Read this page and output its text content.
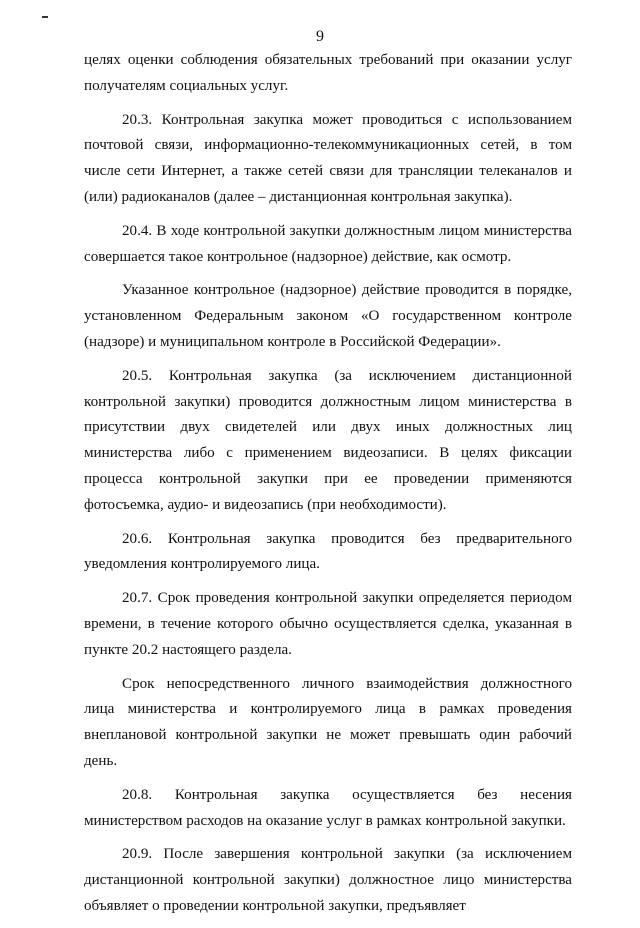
9

целях оценки соблюдения обязательных требований при оказании услуг получателям социальных услуг.

20.3. Контрольная закупка может проводиться с использованием почтовой связи, информационно-телекоммуникационных сетей, в том числе сети Интернет, а также сетей связи для трансляции телеканалов и (или) радиоканалов (далее – дистанционная контрольная закупка).

20.4. В ходе контрольной закупки должностным лицом министерства совершается такое контрольное (надзорное) действие, как осмотр.

Указанное контрольное (надзорное) действие проводится в порядке, установленном Федеральным законом «О государственном контроле (надзоре) и муниципальном контроле в Российской Федерации».

20.5. Контрольная закупка (за исключением дистанционной контрольной закупки) проводится должностным лицом министерства в присутствии двух свидетелей или двух иных должностных лиц министерства либо с применением видеозаписи. В целях фиксации процесса контрольной закупки при ее проведении применяются фотосъемка, аудио- и видеозапись (при необходимости).

20.6. Контрольная закупка проводится без предварительного уведомления контролируемого лица.

20.7. Срок проведения контрольной закупки определяется периодом времени, в течение которого обычно осуществляется сделка, указанная в пункте 20.2 настоящего раздела.

Срок непосредственного личного взаимодействия должностного лица министерства и контролируемого лица в рамках проведения внеплановой контрольной закупки не может превышать один рабочий день.

20.8. Контрольная закупка осуществляется без несения министерством расходов на оказание услуг в рамках контрольной закупки.

20.9. После завершения контрольной закупки (за исключением дистанционной контрольной закупки) должностное лицо министерства объявляет о проведении контрольной закупки, предъявляет
